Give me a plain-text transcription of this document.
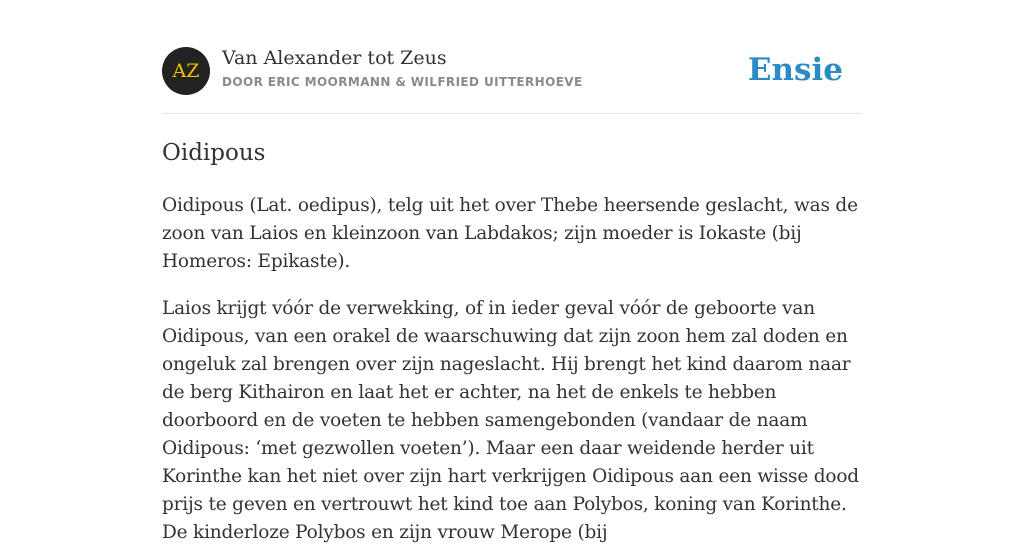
AZ
Van Alexander tot Zeus
DOOR ERIC MOORMANN & WILFRIED UITTERHOEVE	Ensie
Oidipous

Oidipous (Lat. oedipus), telg uit het over Thebe heersende geslacht, was de zoon van Laios en kleinzoon van Labdakos; zijn moeder is Iokaste (bij Homeros: Epikaste).

Laios krijgt vóór de verwekking, of in ieder geval vóór de geboorte van Oidipous, van een orakel de waarschuwing dat zijn zoon hem zal doden en ongeluk zal brengen over zijn nageslacht. Hij brengt het kind daarom naar de berg Kithairon en laat het er achter, na het de enkels te hebben doorboord en de voeten te hebben samengebonden (vandaar de naam Oidipous: ‘met gezwollen voeten’). Maar een daar weidende herder uit Korinthe kan het niet over zijn hart verkrijgen Oidipous aan een wisse dood prijs te geven en vertrouwt het kind toe aan Polybos, koning van Korinthe. De kinderloze Polybos en zijn vrouw Merope (bij
